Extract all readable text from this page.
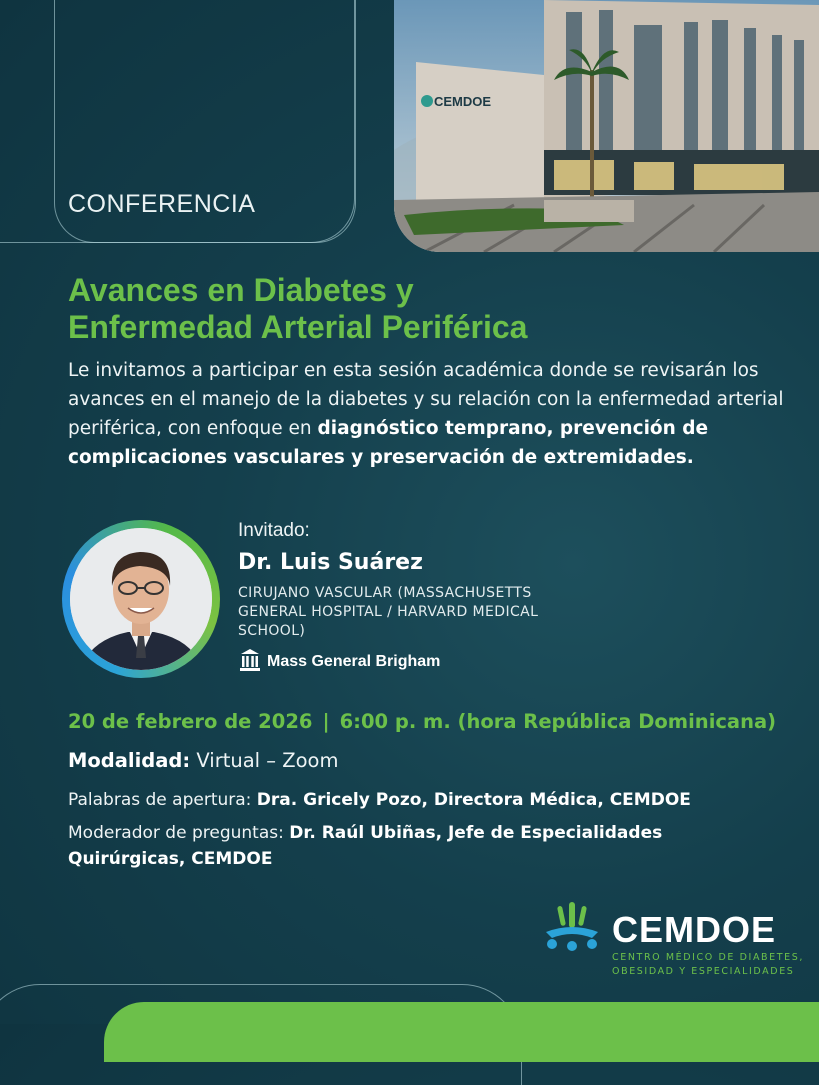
CEMDOE
CONFERENCIA
Avances en Diabetes y
Enfermedad Arterial Periférica
Le invitamos a participar en esta sesión académica donde se revisarán los avances en el manejo de la diabetes y su relación con la enfermedad arterial periférica, con enfoque en diagnóstico temprano, prevención de complicaciones vasculares y preservación de extremidades.
Invitado:
Dr. Luis Suárez
CIRUJANO VASCULAR (MASSACHUSETTS GENERAL HOSPITAL / HARVARD MEDICAL SCHOOL)
Mass General Brigham
20 de febrero de 2026 | 6:00 p. m. (hora República Dominicana)
Modalidad: Virtual – Zoom
Palabras de apertura: Dra. Gricely Pozo, Directora Médica, CEMDOE
Moderador de preguntas: Dr. Raúl Ubiñas, Jefe de Especialidades Quirúrgicas, CEMDOE
CEMDOE
CENTRO MÉDICO DE DIABETES,
OBESIDAD Y ESPECIALIDADES
